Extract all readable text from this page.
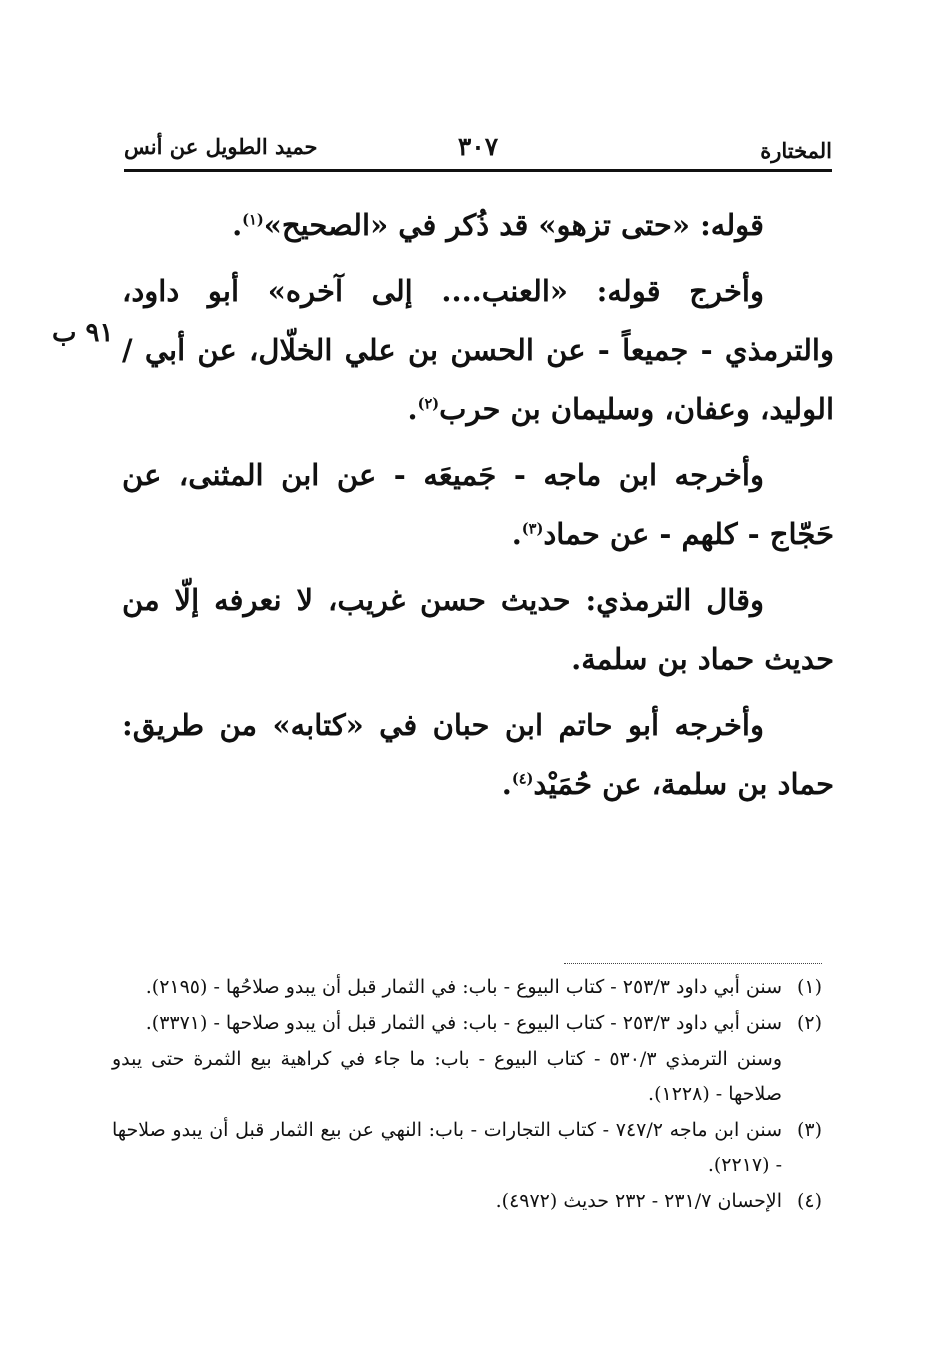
المختارة
٣٠٧
حميد الطويل عن أنس
٩١ ب

قوله: «حتى تزهو» قد ذُكر في «الصحيح»$^{(١)}$.

وأخرج قوله: «العنب.... إلى آخره» أبو داود، والترمذي - جميعاً - عن الحسن بن علي الخلّال، عن أبي /الوليد، وعفان، وسليمان بن حرب$^{(٢)}$.

وأخرجه ابن ماجه - جَميعَه - عن ابن المثنى، عن حَجّاج - كلهم - عن حماد$^{(٣)}$.

وقال الترمذي: حديث حسن غريب، لا نعرفه إلّا من حديث حماد بن سلمة.

وأخرجه أبو حاتم ابن حبان في «كتابه» من طريق: حماد بن سلمة، عن حُمَيْد$^{(٤)}$.

(١)
سنن أبي داود ٢٥٣/٣ - كتاب البيوع - باب: في الثمار قبل أن يبدو صلاحُها - (٢١٩٥).
(٢)
سنن أبي داود ٢٥٣/٣ - كتاب البيوع - باب: في الثمار قبل أن يبدو صلاحها - (٣٣٧١).
وسنن الترمذي ٥٣٠/٣ - كتاب البيوع - باب: ما جاء في كراهية بيع الثمرة حتى يبدو صلاحها - (١٢٢٨).
(٣)
سنن ابن ماجه ٧٤٧/٢ - كتاب التجارات - باب: النهي عن بيع الثمار قبل أن يبدو صلاحها - (٢٢١٧).
(٤)
الإحسان ٢٣١/٧ - ٢٣٢ حديث (٤٩٧٢).
